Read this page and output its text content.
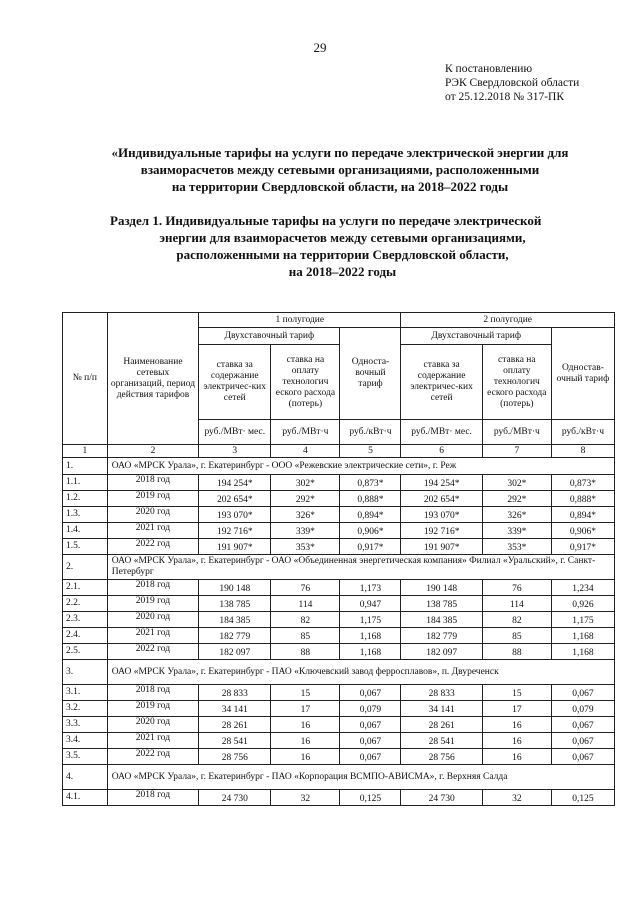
29
К постановлению
РЭК Свердловской области
от 25.12.2018 № 317-ПК
«Индивидуальные тарифы на услуги по передаче электрической энергии для
взаиморасчетов между сетевыми организациями, расположенными
на территории Свердловской области, на 2018–2022 годы
Раздел 1. Индивидуальные тарифы на услуги по передаче электрической
энергии для взаиморасчетов между сетевыми организациями,
расположенными на территории Свердловской области,
на 2018–2022 годы
№ п/п	Наименование сетевых организаций, период действия тарифов	1 полугодие			2 полугодие		
		Двухставочный тариф		Односта-вочный тариф	Двухставочный тариф		Одностав-очный тариф
		ставка за содержание электричес-ких сетей	ставка на оплату технологич еского расхода (потерь)		ставка за содержание электричес-ких сетей	ставка на оплату технологич еского расхода (потерь)	
		руб./МВт· мес.	руб./МВт·ч	руб./кВт·ч	руб./МВт· мес.	руб./МВт·ч	руб./кВт·ч
1	2	3	4	5	6	7	8
1.	ОАО «МРСК Урала», г. Екатеринбург - ООО «Режевские электрические сети», г. Реж						
1.1.	2018 год	194 254*	302*	0,873*	194 254*	302*	0,873*
1.2.	2019 год	202 654*	292*	0,888*	202 654*	292*	0,888*
1.3.	2020 год	193 070*	326*	0,894*	193 070*	326*	0,894*
1.4.	2021 год	192 716*	339*	0,906*	192 716*	339*	0,906*
1.5.	2022 год	191 907*	353*	0,917*	191 907*	353*	0,917*
2.	ОАО «МРСК Урала», г. Екатеринбург - ОАО «Объединенная энергетическая компания» Филиал «Уральский», г. Санкт-Петербург						
2.1.	2018 год	190 148	76	1,173	190 148	76	1,234
2.2.	2019 год	138 785	114	0,947	138 785	114	0,926
2.3.	2020 год	184 385	82	1,175	184 385	82	1,175
2.4.	2021 год	182 779	85	1,168	182 779	85	1,168
2.5.	2022 год	182 097	88	1,168	182 097	88	1,168
3.	ОАО «МРСК Урала», г. Екатеринбург - ПАО «Ключевский завод ферросплавов», п. Двуреченск						
3.1.	2018 год	28 833	15	0,067	28 833	15	0,067
3.2.	2019 год	34 141	17	0,079	34 141	17	0,079
3.3.	2020 год	28 261	16	0,067	28 261	16	0,067
3.4.	2021 год	28 541	16	0,067	28 541	16	0,067
3.5.	2022 год	28 756	16	0,067	28 756	16	0,067
4.	ОАО «МРСК Урала», г. Екатеринбург - ПАО «Корпорация ВСМПО-АВИСМА», г. Верхняя Салда						
4.1.	2018 год	24 730	32	0,125	24 730	32	0,125
